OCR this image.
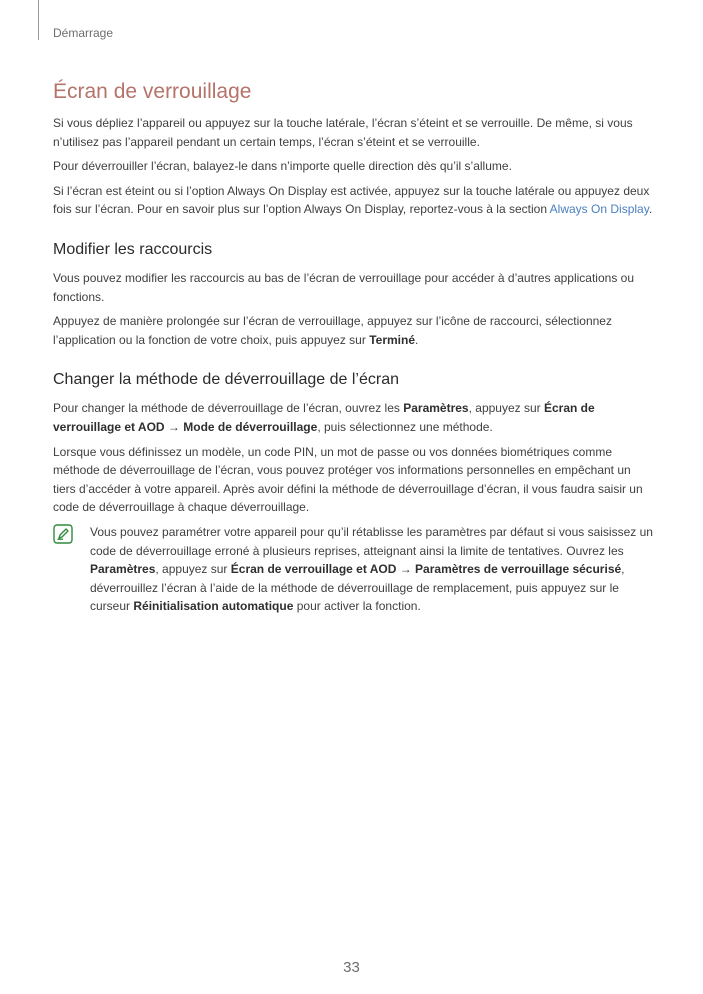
Démarrage
Écran de verrouillage

Si vous dépliez l’appareil ou appuyez sur la touche latérale, l’écran s’éteint et se verrouille. De même, si vous n’utilisez pas l’appareil pendant un certain temps, l’écran s’éteint et se verrouille.

Pour déverrouiller l’écran, balayez-le dans n’importe quelle direction dès qu’il s’allume.

Si l’écran est éteint ou si l’option Always On Display est activée, appuyez sur la touche latérale ou appuyez deux fois sur l’écran. Pour en savoir plus sur l’option Always On Display, reportez-vous à la section Always On Display.

Modifier les raccourcis

Vous pouvez modifier les raccourcis au bas de l’écran de verrouillage pour accéder à d’autres applications ou fonctions.

Appuyez de manière prolongée sur l’écran de verrouillage, appuyez sur l’icône de raccourci, sélectionnez l’application ou la fonction de votre choix, puis appuyez sur Terminé.

Changer la méthode de déverrouillage de l’écran

Pour changer la méthode de déverrouillage de l’écran, ouvrez les Paramètres, appuyez sur Écran de verrouillage et AOD → Mode de déverrouillage, puis sélectionnez une méthode.

Lorsque vous définissez un modèle, un code PIN, un mot de passe ou vos données biométriques comme méthode de déverrouillage de l’écran, vous pouvez protéger vos informations personnelles en empêchant un tiers d’accéder à votre appareil. Après avoir défini la méthode de déverrouillage d’écran, il vous faudra saisir un code de déverrouillage à chaque déverrouillage.

Vous pouvez paramétrer votre appareil pour qu’il rétablisse les paramètres par défaut si vous saisissez un code de déverrouillage erroné à plusieurs reprises, atteignant ainsi la limite de tentatives. Ouvrez les Paramètres, appuyez sur Écran de verrouillage et AOD → Paramètres de verrouillage sécurisé, déverrouillez l’écran à l’aide de la méthode de déverrouillage de remplacement, puis appuyez sur le curseur Réinitialisation automatique pour activer la fonction.
33
